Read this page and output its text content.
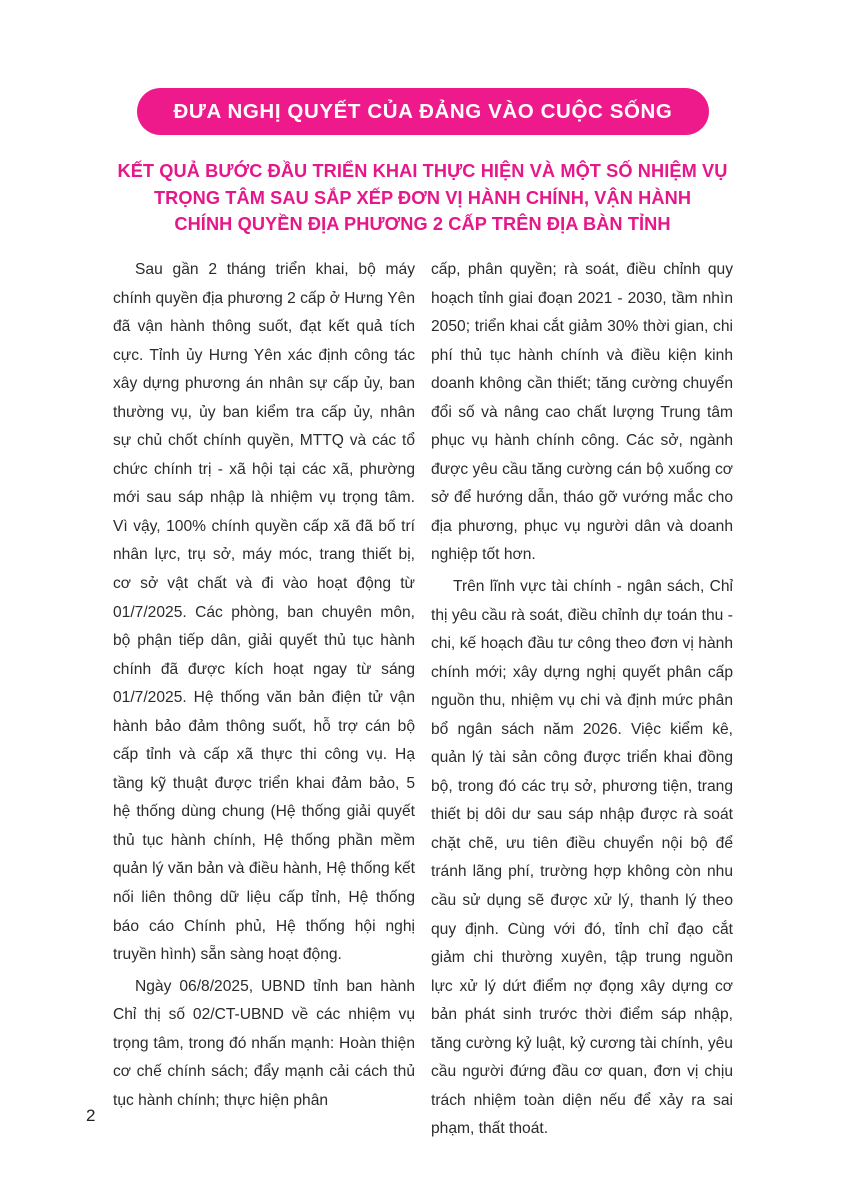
ĐƯA NGHỊ QUYẾT CỦA ĐẢNG VÀO CUỘC SỐNG
KẾT QUẢ BƯỚC ĐẦU TRIỂN KHAI THỰC HIỆN VÀ MỘT SỐ NHIỆM VỤ
TRỌNG TÂM SAU SẮP XẾP ĐƠN VỊ HÀNH CHÍNH, VẬN HÀNH
CHÍNH QUYỀN ĐỊA PHƯƠNG 2 CẤP TRÊN ĐỊA BÀN TỈNH

Sau gần 2 tháng triển khai, bộ máy chính quyền địa phương 2 cấp ở Hưng Yên đã vận hành thông suốt, đạt kết quả tích cực. Tỉnh ủy Hưng Yên xác định công tác xây dựng phương án nhân sự cấp ủy, ban thường vụ, ủy ban kiểm tra cấp ủy, nhân sự chủ chốt chính quyền, MTTQ và các tổ chức chính trị - xã hội tại các xã, phường mới sau sáp nhập là nhiệm vụ trọng tâm. Vì vậy, 100% chính quyền cấp xã đã bố trí nhân lực, trụ sở, máy móc, trang thiết bị, cơ sở vật chất và đi vào hoạt động từ 01/7/2025. Các phòng, ban chuyên môn, bộ phận tiếp dân, giải quyết thủ tục hành chính đã được kích hoạt ngay từ sáng 01/7/2025. Hệ thống văn bản điện tử vận hành bảo đảm thông suốt, hỗ trợ cán bộ cấp tỉnh và cấp xã thực thi công vụ. Hạ tầng kỹ thuật được triển khai đảm bảo, 5 hệ thống dùng chung (Hệ thống giải quyết thủ tục hành chính, Hệ thống phần mềm quản lý văn bản và điều hành, Hệ thống kết nối liên thông dữ liệu cấp tỉnh, Hệ thống báo cáo Chính phủ, Hệ thống hội nghị truyền hình) sẵn sàng hoạt động.

Ngày 06/8/2025, UBND tỉnh ban hành Chỉ thị số 02/CT-UBND về các nhiệm vụ trọng tâm, trong đó nhấn mạnh: Hoàn thiện cơ chế chính sách; đẩy mạnh cải cách thủ tục hành chính; thực hiện phân

cấp, phân quyền; rà soát, điều chỉnh quy hoạch tỉnh giai đoạn 2021 - 2030, tầm nhìn 2050; triển khai cắt giảm 30% thời gian, chi phí thủ tục hành chính và điều kiện kinh doanh không cần thiết; tăng cường chuyển đổi số và nâng cao chất lượng Trung tâm phục vụ hành chính công. Các sở, ngành được yêu cầu tăng cường cán bộ xuống cơ sở để hướng dẫn, tháo gỡ vướng mắc cho địa phương, phục vụ người dân và doanh nghiệp tốt hơn.

Trên lĩnh vực tài chính - ngân sách, Chỉ thị yêu cầu rà soát, điều chỉnh dự toán thu - chi, kế hoạch đầu tư công theo đơn vị hành chính mới; xây dựng nghị quyết phân cấp nguồn thu, nhiệm vụ chi và định mức phân bổ ngân sách năm 2026. Việc kiểm kê, quản lý tài sản công được triển khai đồng bộ, trong đó các trụ sở, phương tiện, trang thiết bị dôi dư sau sáp nhập được rà soát chặt chẽ, ưu tiên điều chuyển nội bộ để tránh lãng phí, trường hợp không còn nhu cầu sử dụng sẽ được xử lý, thanh lý theo quy định. Cùng với đó, tỉnh chỉ đạo cắt giảm chi thường xuyên, tập trung nguồn lực xử lý dứt điểm nợ đọng xây dựng cơ bản phát sinh trước thời điểm sáp nhập, tăng cường kỷ luật, kỷ cương tài chính, yêu cầu người đứng đầu cơ quan, đơn vị chịu trách nhiệm toàn diện nếu để xảy ra sai phạm, thất thoát.

2
